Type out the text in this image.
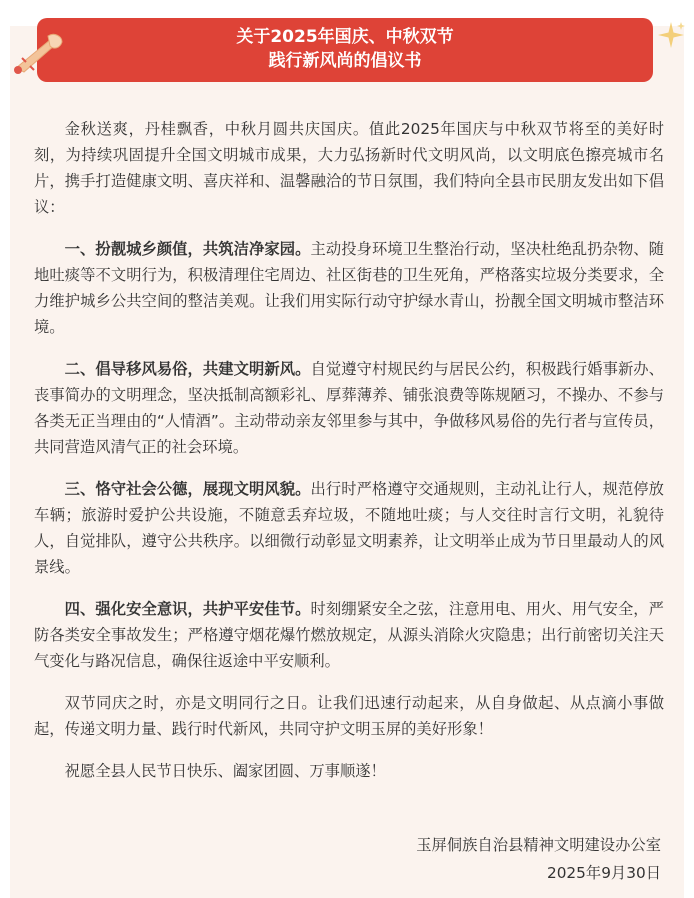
关于2025年国庆、中秋双节
践行新风尚的倡议书

金秋送爽，丹桂飘香，中秋月圆共庆国庆。值此2025年国庆与中秋双节将至的美好时刻，为持续巩固提升全国文明城市成果，大力弘扬新时代文明风尚，以文明底色擦亮城市名片，携手打造健康文明、喜庆祥和、温馨融洽的节日氛围，我们特向全县市民朋友发出如下倡议：

一、扮靓城乡颜值，共筑洁净家园。主动投身环境卫生整治行动，坚决杜绝乱扔杂物、随地吐痰等不文明行为，积极清理住宅周边、社区街巷的卫生死角，严格落实垃圾分类要求，全力维护城乡公共空间的整洁美观。让我们用实际行动守护绿水青山，扮靓全国文明城市整洁环境。

二、倡导移风易俗，共建文明新风。自觉遵守村规民约与居民公约，积极践行婚事新办、丧事简办的文明理念，坚决抵制高额彩礼、厚葬薄养、铺张浪费等陈规陋习，不操办、不参与各类无正当理由的“人情酒”。主动带动亲友邻里参与其中，争做移风易俗的先行者与宣传员，共同营造风清气正的社会环境。

三、恪守社会公德，展现文明风貌。出行时严格遵守交通规则，主动礼让行人，规范停放车辆；旅游时爱护公共设施，不随意丢弃垃圾，不随地吐痰；与人交往时言行文明，礼貌待人，自觉排队，遵守公共秩序。以细微行动彰显文明素养，让文明举止成为节日里最动人的风景线。

四、强化安全意识，共护平安佳节。时刻绷紧安全之弦，注意用电、用火、用气安全，严防各类安全事故发生；严格遵守烟花爆竹燃放规定，从源头消除火灾隐患；出行前密切关注天气变化与路况信息，确保往返途中平安顺利。

双节同庆之时，亦是文明同行之日。让我们迅速行动起来，从自身做起、从点滴小事做起，传递文明力量、践行时代新风，共同守护文明玉屏的美好形象！

祝愿全县人民节日快乐、阖家团圆、万事顺遂！

玉屏侗族自治县精神文明建设办公室
2025年9月30日
